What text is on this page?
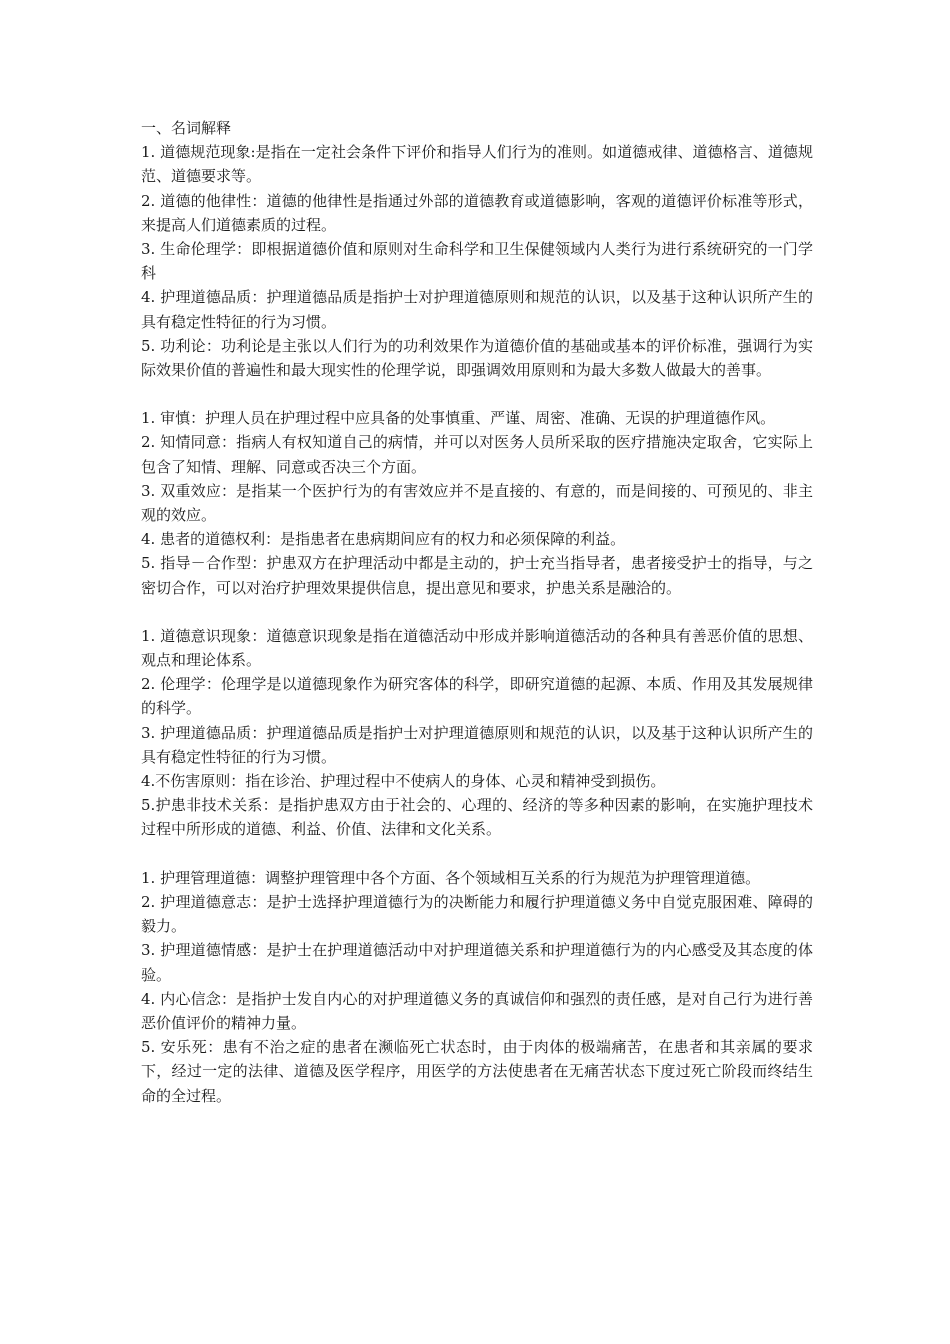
一、名词解释

1. 道德规范现象:是指在一定社会条件下评价和指导人们行为的准则。如道德戒律、道德格言、道德规范、道德要求等。

2. 道德的他律性：道德的他律性是指通过外部的道德教育或道德影响，客观的道德评价标准等形式，来提高人们道德素质的过程。

3. 生命伦理学：即根据道德价值和原则对生命科学和卫生保健领域内人类行为进行系统研究的一门学科

4. 护理道德品质：护理道德品质是指护士对护理道德原则和规范的认识，以及基于这种认识所产生的具有稳定性特征的行为习惯。

5. 功利论：功利论是主张以人们行为的功利效果作为道德价值的基础或基本的评价标准，强调行为实际效果价值的普遍性和最大现实性的伦理学说，即强调效用原则和为最大多数人做最大的善事。

1. 审慎：护理人员在护理过程中应具备的处事慎重、严谨、周密、准确、无误的护理道德作风。

2. 知情同意：指病人有权知道自己的病情，并可以对医务人员所采取的医疗措施决定取舍，它实际上包含了知情、理解、同意或否决三个方面。

3. 双重效应：是指某一个医护行为的有害效应并不是直接的、有意的，而是间接的、可预见的、非主观的效应。

4. 患者的道德权利：是指患者在患病期间应有的权力和必须保障的利益。

5. 指导－合作型：护患双方在护理活动中都是主动的，护士充当指导者，患者接受护士的指导，与之密切合作，可以对治疗护理效果提供信息，提出意见和要求，护患关系是融洽的。

1. 道德意识现象：道德意识现象是指在道德活动中形成并影响道德活动的各种具有善恶价值的思想、观点和理论体系。

2. 伦理学：伦理学是以道德现象作为研究客体的科学，即研究道德的起源、本质、作用及其发展规律的科学。

3. 护理道德品质：护理道德品质是指护士对护理道德原则和规范的认识，以及基于这种认识所产生的具有稳定性特征的行为习惯。

4.不伤害原则：指在诊治、护理过程中不使病人的身体、心灵和精神受到损伤。

5.护患非技术关系：是指护患双方由于社会的、心理的、经济的等多种因素的影响，在实施护理技术过程中所形成的道德、利益、价值、法律和文化关系。

1. 护理管理道德：调整护理管理中各个方面、各个领域相互关系的行为规范为护理管理道德。

2. 护理道德意志：是护士选择护理道德行为的决断能力和履行护理道德义务中自觉克服困难、障碍的毅力。

3. 护理道德情感：是护士在护理道德活动中对护理道德关系和护理道德行为的内心感受及其态度的体验。

4. 内心信念：是指护士发自内心的对护理道德义务的真诚信仰和强烈的责任感，是对自己行为进行善恶价值评价的精神力量。

5. 安乐死：患有不治之症的患者在濒临死亡状态时，由于肉体的极端痛苦，在患者和其亲属的要求下，经过一定的法律、道德及医学程序，用医学的方法使患者在无痛苦状态下度过死亡阶段而终结生命的全过程。
